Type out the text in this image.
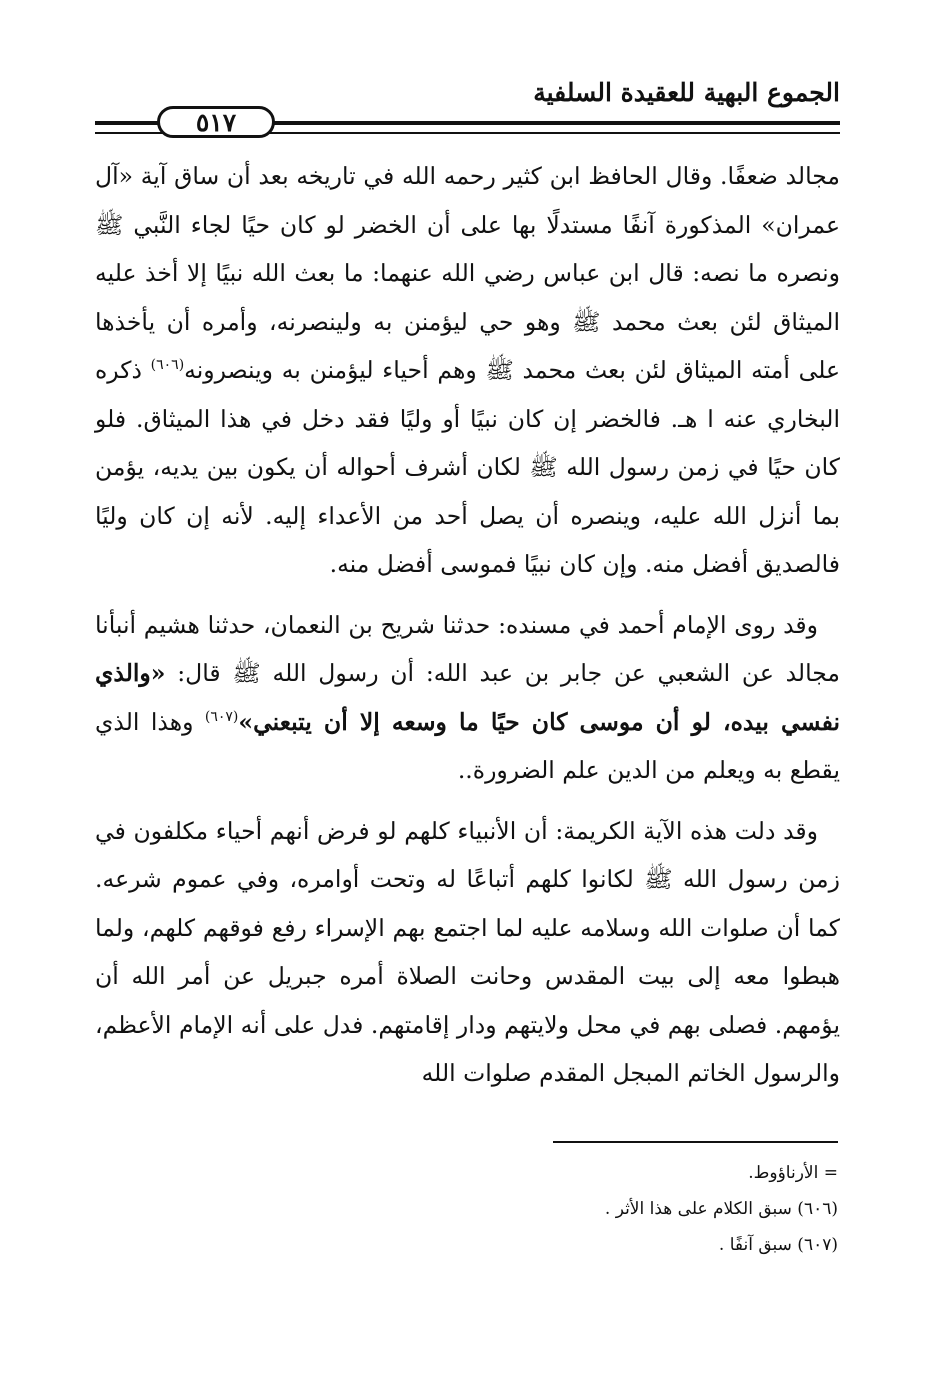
الجموع البهية للعقيدة السلفية
٥١٧

مجالد ضعفًا. وقال الحافظ ابن كثير رحمه الله في تاريخه بعد أن ساق آية «آل عمران» المذكورة آنفًا مستدلًا بها على أن الخضر لو كان حيًا لجاء النَّبي ﷺ ونصره ما نصه: قال ابن عباس رضي الله عنهما: ما بعث الله نبيًا إلا أخذ عليه الميثاق لئن بعث محمد ﷺ وهو حي ليؤمنن به ولينصرنه، وأمره أن يأخذها على أمته الميثاق لئن بعث محمد ﷺ وهم أحياء ليؤمنن به وينصرونه$^{(٦٠٦)}$ ذكره البخاري عنه ا هـ. فالخضر إن كان نبيًا أو وليًا فقد دخل في هذا الميثاق. فلو كان حيًا في زمن رسول الله ﷺ لكان أشرف أحواله أن يكون بين يديه، يؤمن بما أنزل الله عليه، وينصره أن يصل أحد من الأعداء إليه. لأنه إن كان وليًا فالصديق أفضل منه. وإن كان نبيًا فموسى أفضل منه.

وقد روى الإمام أحمد في مسنده: حدثنا شريح بن النعمان، حدثنا هشيم أنبأنا مجالد عن الشعبي عن جابر بن عبد الله: أن رسول الله ﷺ قال: «والذي نفسي بيده، لو أن موسى كان حيًا ما وسعه إلا أن يتبعني»$^{(٦٠٧)}$ وهذا الذي يقطع به ويعلم من الدين علم الضرورة..

وقد دلت هذه الآية الكريمة: أن الأنبياء كلهم لو فرض أنهم أحياء مكلفون في زمن رسول الله ﷺ لكانوا كلهم أتباعًا له وتحت أوامره، وفي عموم شرعه. كما أن صلوات الله وسلامه عليه لما اجتمع بهم الإسراء رفع فوقهم كلهم، ولما هبطوا معه إلى بيت المقدس وحانت الصلاة أمره جبريل عن أمر الله أن يؤمهم. فصلى بهم في محل ولايتهم ودار إقامتهم. فدل على أنه الإمام الأعظم، والرسول الخاتم المبجل المقدم صلوات الله

= الأرناؤوط.
(٦٠٦) سبق الكلام على هذا الأثر .
(٦٠٧) سبق آنفًا .
